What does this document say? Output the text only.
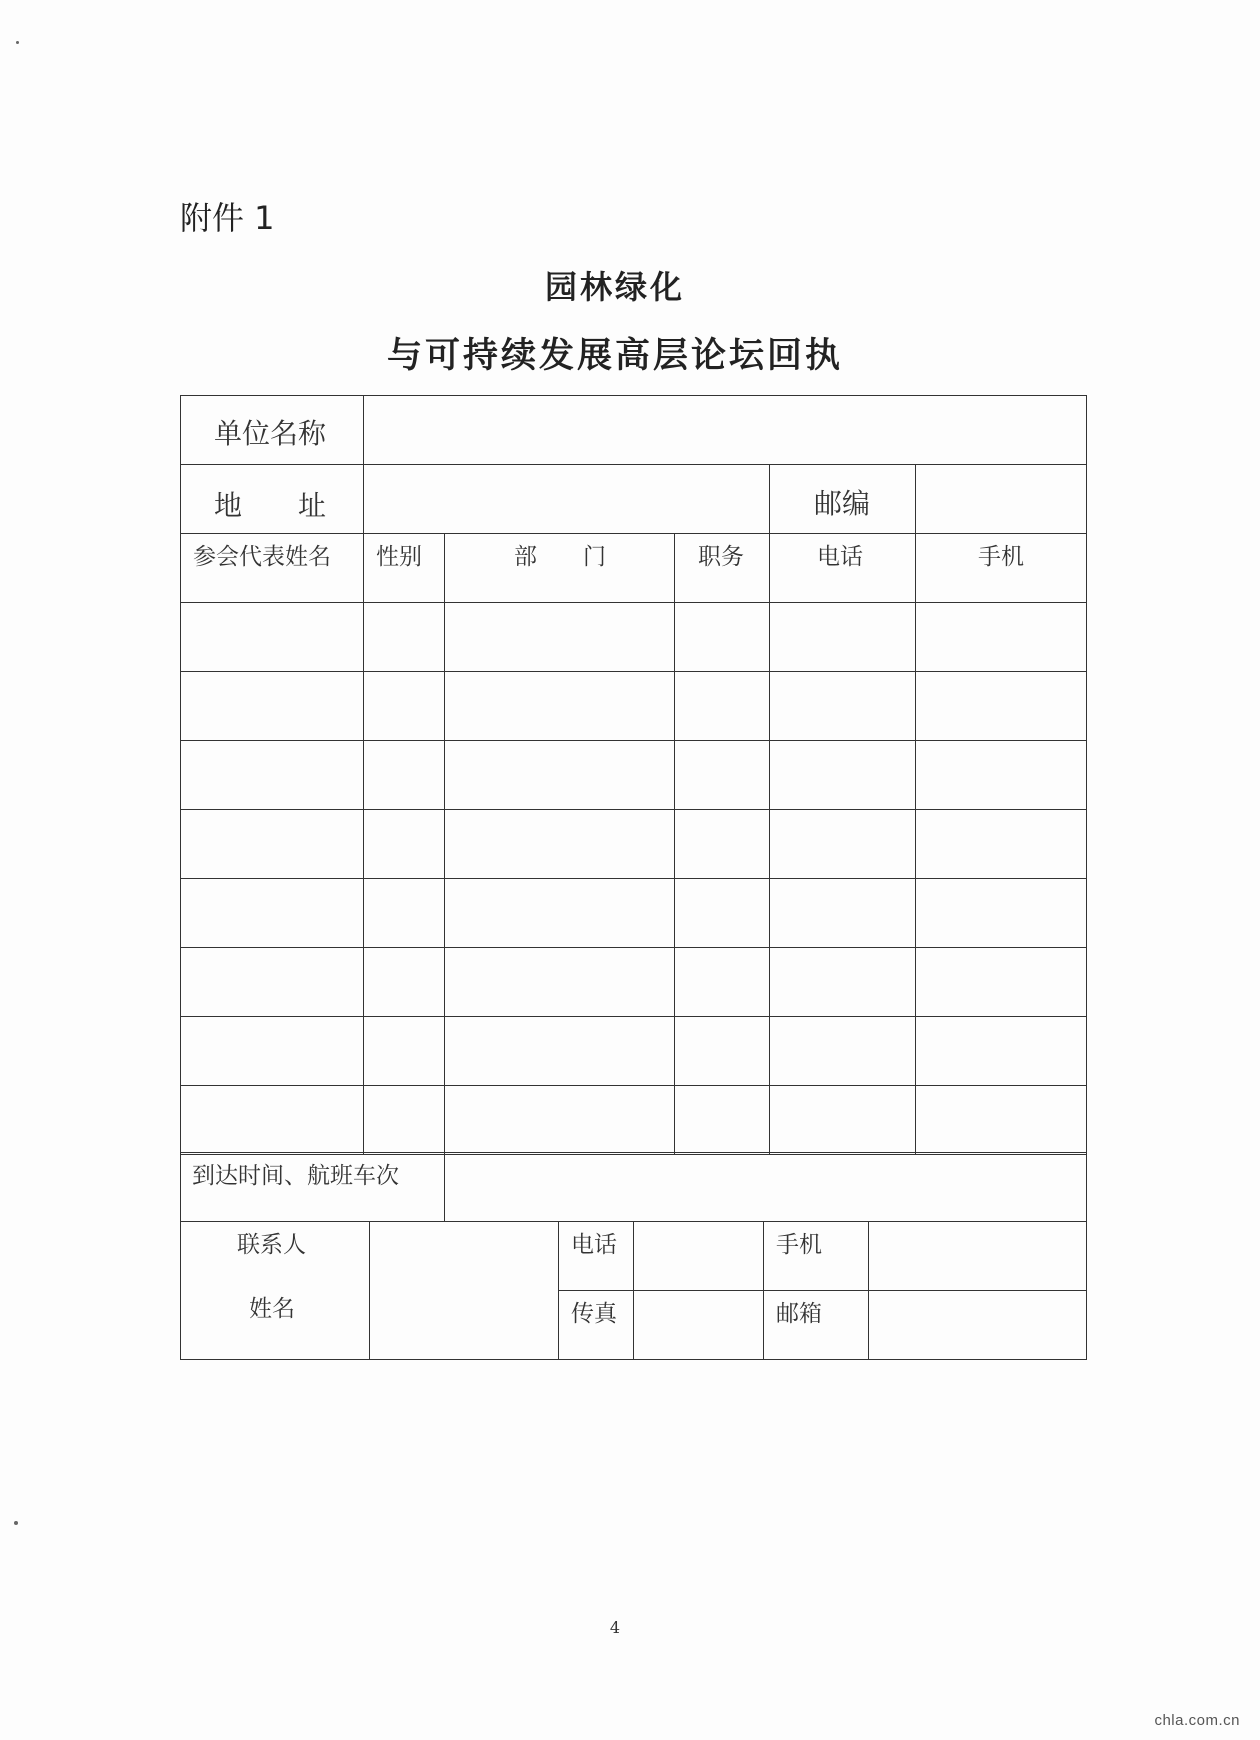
附件 1
园林绿化
与可持续发展高层论坛回执
单位名称
地　　址	邮编
参会代表姓名 性别	部　　门	职务	电话	手机
到达时间、航班车次
联系人
姓名
电话	手机
传真	邮箱
4
chla.com.cn
